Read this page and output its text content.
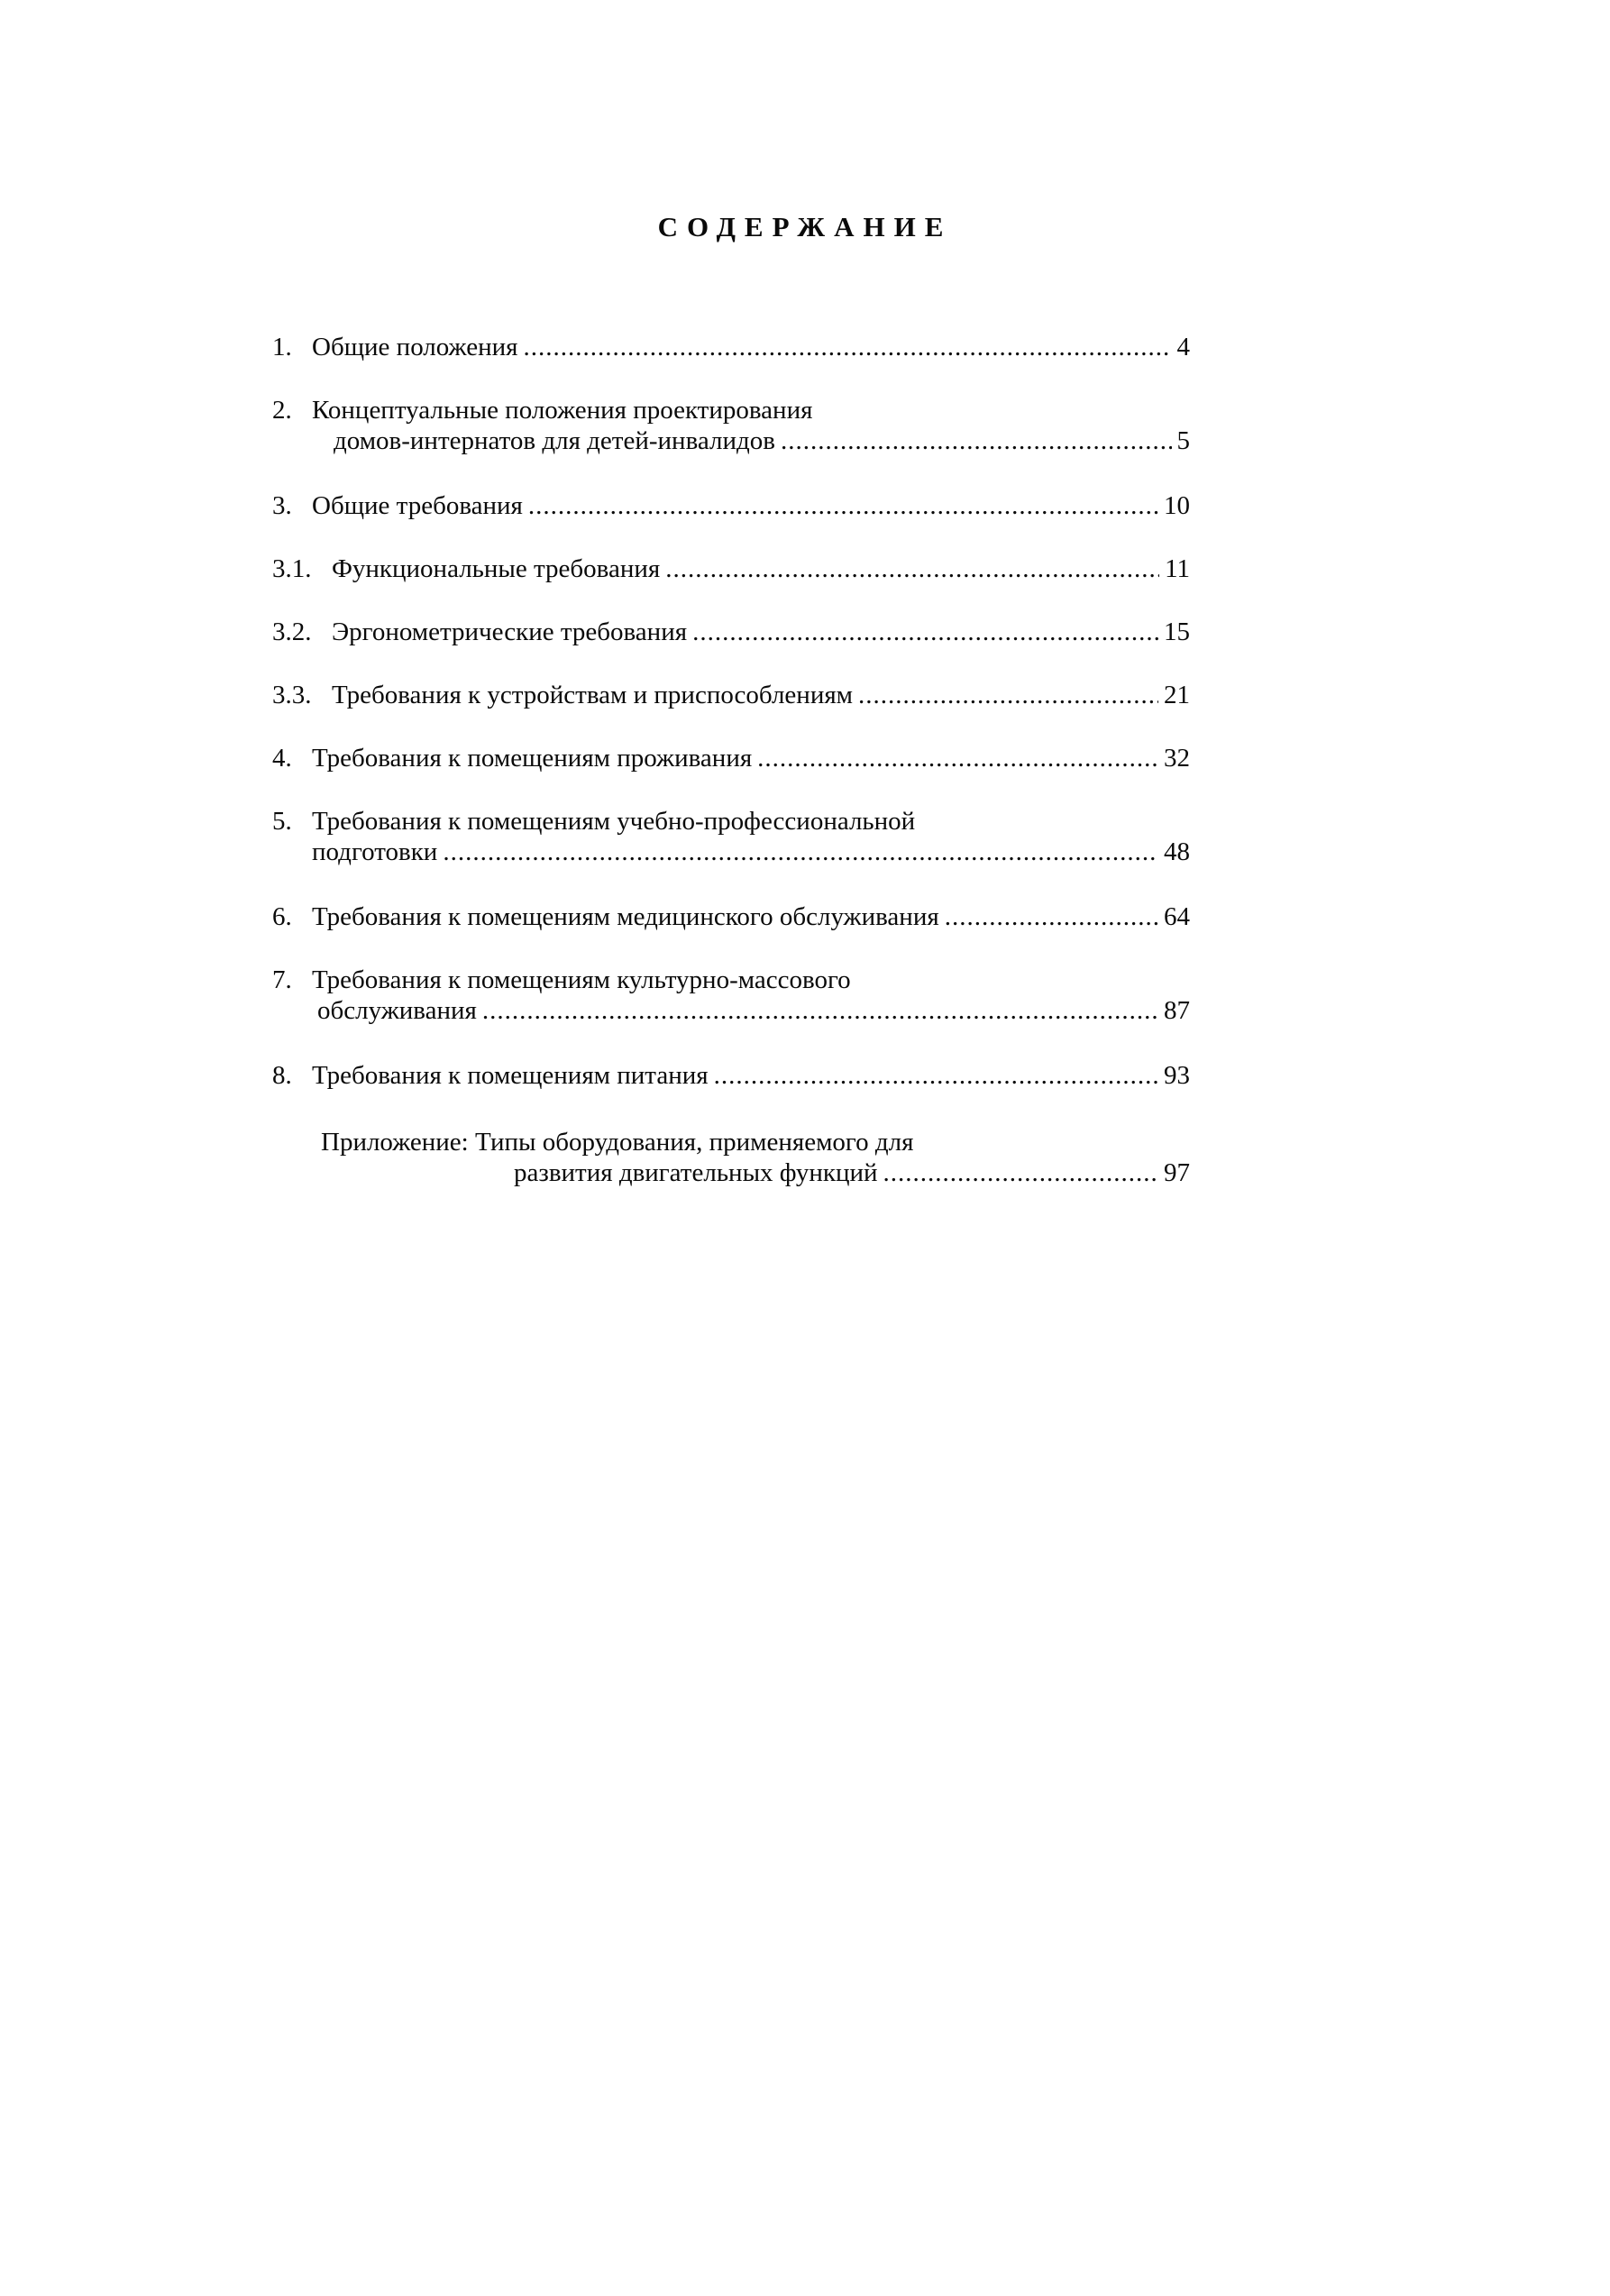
СОДЕРЖАНИЕ
1. Общие положения .....	4
2. Концептуальные положения проектирования
домов-интернатов для детей-инвалидов .....	5
3. Общие требования .....	10
3.1. Функциональные требования .....	11
3.2. Эргонометрические требования .....	15
3.3. Требования к устройствам и приспособлениям .....	21
4. Требования к помещениям проживания .....	32
5. Требования к помещениям учебно-профессиональной
подготовки .....	48
6. Требования к помещениям медицинского обслуживания .....	64
7. Требования к помещениям культурно-массового
обслуживания .....	87
8. Требования к помещениям питания .....	93
Приложение: Типы оборудования, применяемого для
развития двигательных функций .....	97
